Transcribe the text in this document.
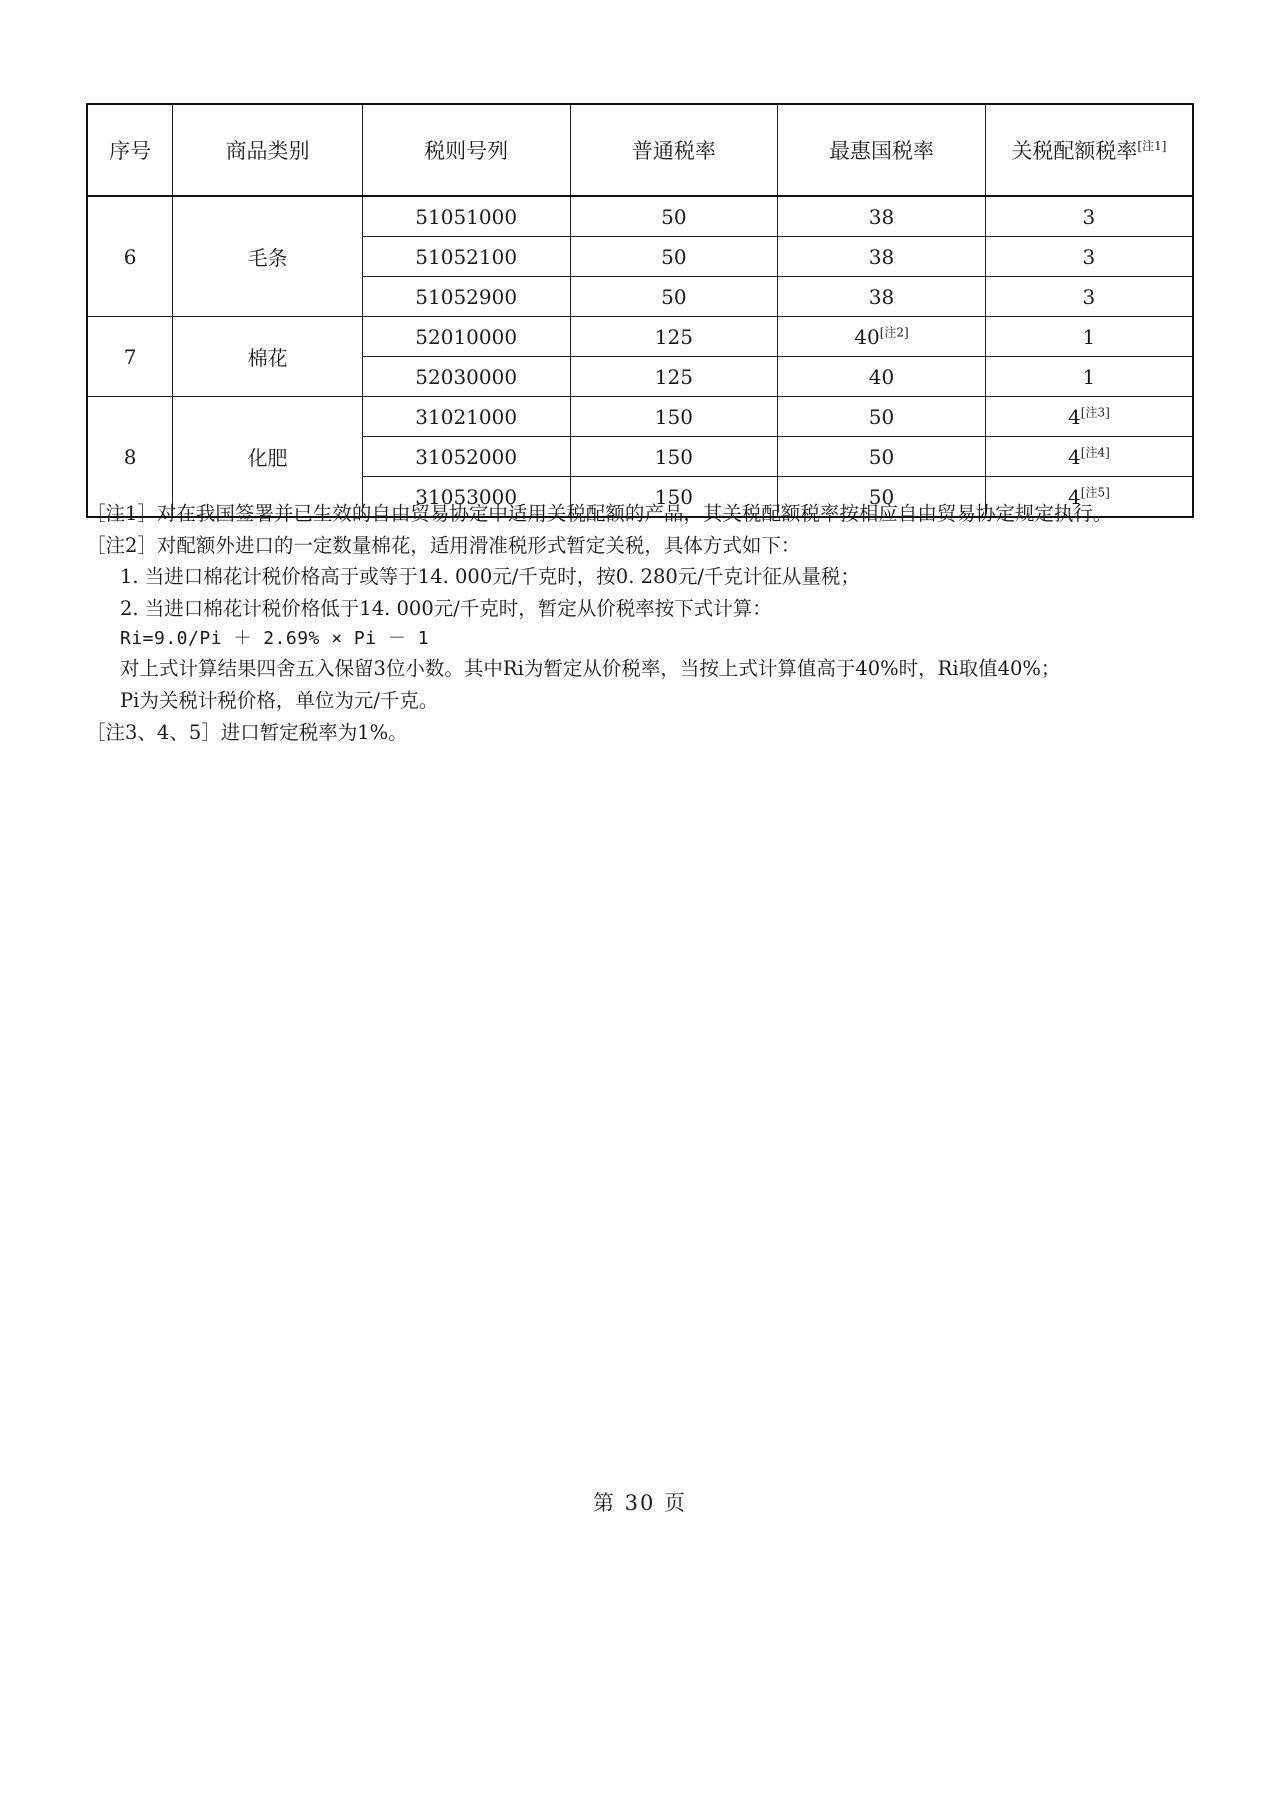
序号	商品类别	税则号列	普通税率	最惠国税率	关税配额税率[注1]
6	毛条	51051000	50	38	3
		51052100	50	38	3
		51052900	50	38	3
7	棉花	52010000	125	40[注2]	1
		52030000	125	40	1
8	化肥	31021000	150	50	4[注3]
		31052000	150	50	4[注4]
		31053000	150	50	4[注5]
［注1］对在我国签署并已生效的自由贸易协定中适用关税配额的产品，其关税配额税率按相应自由贸易协定规定执行。
［注2］对配额外进口的一定数量棉花，适用滑准税形式暂定关税，具体方式如下：
1. 当进口棉花计税价格高于或等于14. 000元/千克时，按0. 280元/千克计征从量税；
2. 当进口棉花计税价格低于14. 000元/千克时，暂定从价税率按下式计算：
Ri=9.0/Pi ＋ 2.69% × Pi － 1
对上式计算结果四舍五入保留3位小数。其中Ri为暂定从价税率，当按上式计算值高于40%时，Ri取值40%；
Pi为关税计税价格，单位为元/千克。
［注3、4、5］进口暂定税率为1%。
第 30 页
